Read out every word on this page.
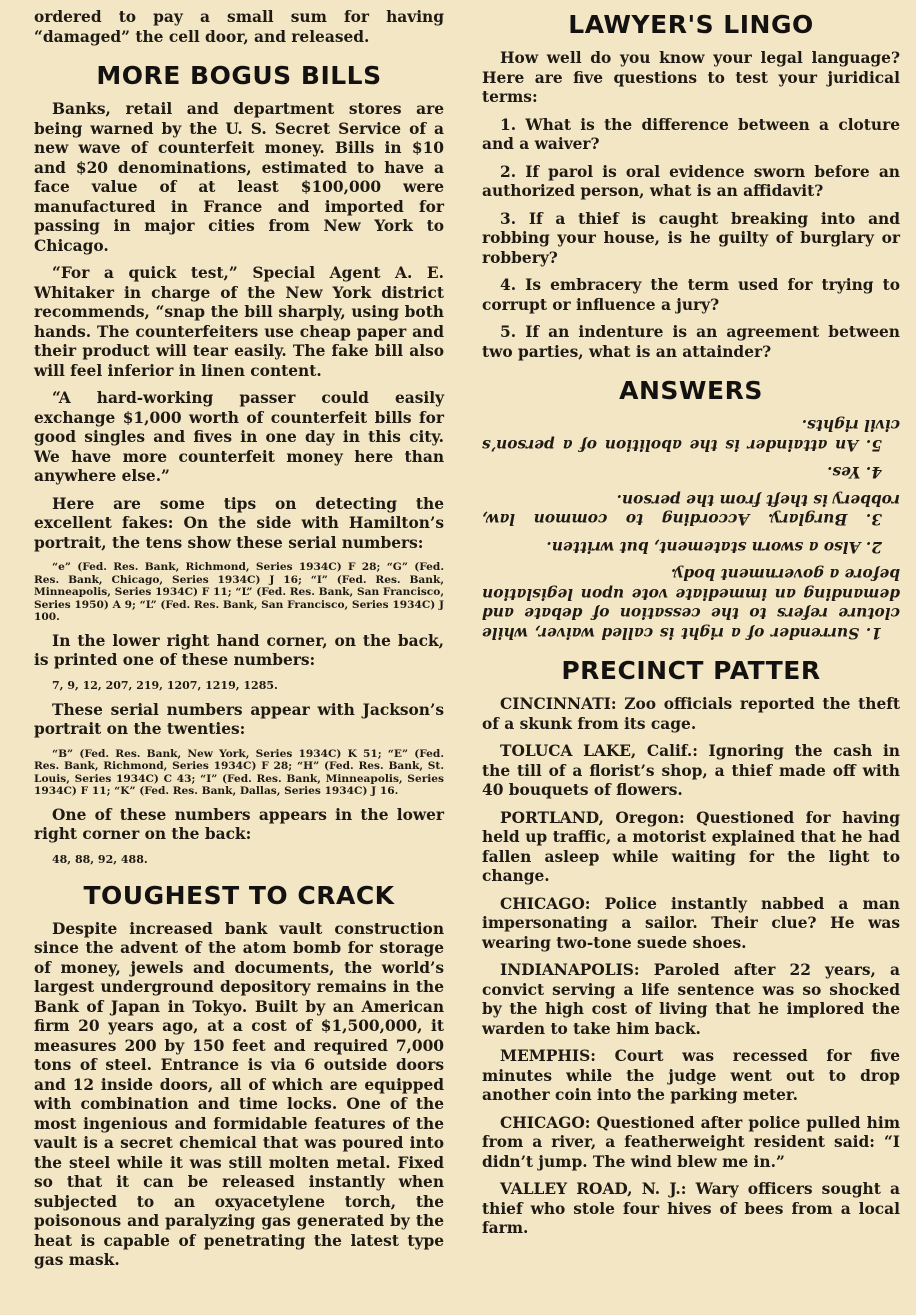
ordered to pay a small sum for having “damaged” the cell door, and released.

MORE BOGUS BILLS

Banks, retail and department stores are being warned by the U. S. Secret Service of a new wave of counterfeit money. Bills in $10 and $20 denominations, estimated to have a face value of at least $100,000 were manufactured in France and imported for passing in major cities from New York to Chicago.

“For a quick test,” Special Agent A. E. Whitaker in charge of the New York district recommends, “snap the bill sharply, using both hands. The counterfeiters use cheap paper and their product will tear easily. The fake bill also will feel inferior in linen content.

“A hard-working passer could easily exchange $1,000 worth of counterfeit bills for good singles and fives in one day in this city. We have more counterfeit money here than anywhere else.”

Here are some tips on detecting the excellent fakes: On the side with Hamilton’s portrait, the tens show these serial numbers:

“e” (Fed. Res. Bank, Richmond, Series 1934C) F 28; “G” (Fed. Res. Bank, Chicago, Series 1934C) J 16; “I” (Fed. Res. Bank, Minneapolis, Series 1934C) F 11; “L” (Fed. Res. Bank, San Francisco, Series 1950) A 9; “L” (Fed. Res. Bank, San Francisco, Series 1934C) J 100.

In the lower right hand corner, on the back, is printed one of these numbers:

7, 9, 12, 207, 219, 1207, 1219, 1285.

These serial numbers appear with Jackson’s portrait on the twenties:

“B” (Fed. Res. Bank, New York, Series 1934C) K 51; “E” (Fed. Res. Bank, Richmond, Series 1934C) F 28; “H” (Fed. Res. Bank, St. Louis, Series 1934C) C 43; “I” (Fed. Res. Bank, Minneapolis, Series 1934C) F 11; “K” (Fed. Res. Bank, Dallas, Series 1934C) J 16.

One of these numbers appears in the lower right corner on the back:

48, 88, 92, 488.

TOUGHEST TO CRACK

Despite increased bank vault construction since the advent of the atom bomb for storage of money, jewels and documents, the world’s largest underground depository remains in the Bank of Japan in Tokyo. Built by an American firm 20 years ago, at a cost of $1,500,000, it measures 200 by 150 feet and required 7,000 tons of steel. Entrance is via 6 outside doors and 12 inside doors, all of which are equipped with combination and time locks. One of the most ingenious and formidable features of the vault is a secret chemical that was poured into the steel while it was still molten metal. Fixed so that it can be released instantly when subjected to an oxyacetylene torch, the poisonous and paralyzing gas generated by the heat is capable of penetrating the latest type gas mask.

LAWYER'S LINGO

How well do you know your legal language? Here are five questions to test your juridical terms:

1. What is the difference between a cloture and a waiver?

2. If parol is oral evidence sworn before an authorized person, what is an affidavit?

3. If a thief is caught breaking into and robbing your house, is he guilty of burglary or robbery?

4. Is embracery the term used for trying to corrupt or influence a jury?

5. If an indenture is an agreement between two parties, what is an attainder?

ANSWERS

1. Surrender of a right is called waiver, while cloture refers to the cessation of debate and demanding an immediate vote upon legislation before a government body.

2. Also a sworn statement, but written.

3. Burglary. According to common law, robbery is theft from the person.

4. Yes.

5. An attainder is the abolition of a person’s civil rights.

PRECINCT PATTER

CINCINNATI: Zoo officials reported the theft of a skunk from its cage.

TOLUCA LAKE, Calif.: Ignoring the cash in the till of a florist’s shop, a thief made off with 40 bouquets of flowers.

PORTLAND, Oregon: Questioned for having held up traffic, a motorist explained that he had fallen asleep while waiting for the light to change.

CHICAGO: Police instantly nabbed a man impersonating a sailor. Their clue? He was wearing two-tone suede shoes.

INDIANAPOLIS: Paroled after 22 years, a convict serving a life sentence was so shocked by the high cost of living that he implored the warden to take him back.

MEMPHIS: Court was recessed for five minutes while the judge went out to drop another coin into the parking meter.

CHICAGO: Questioned after police pulled him from a river, a featherweight resident said: “I didn’t jump. The wind blew me in.”

VALLEY ROAD, N. J.: Wary officers sought a thief who stole four hives of bees from a local farm.
